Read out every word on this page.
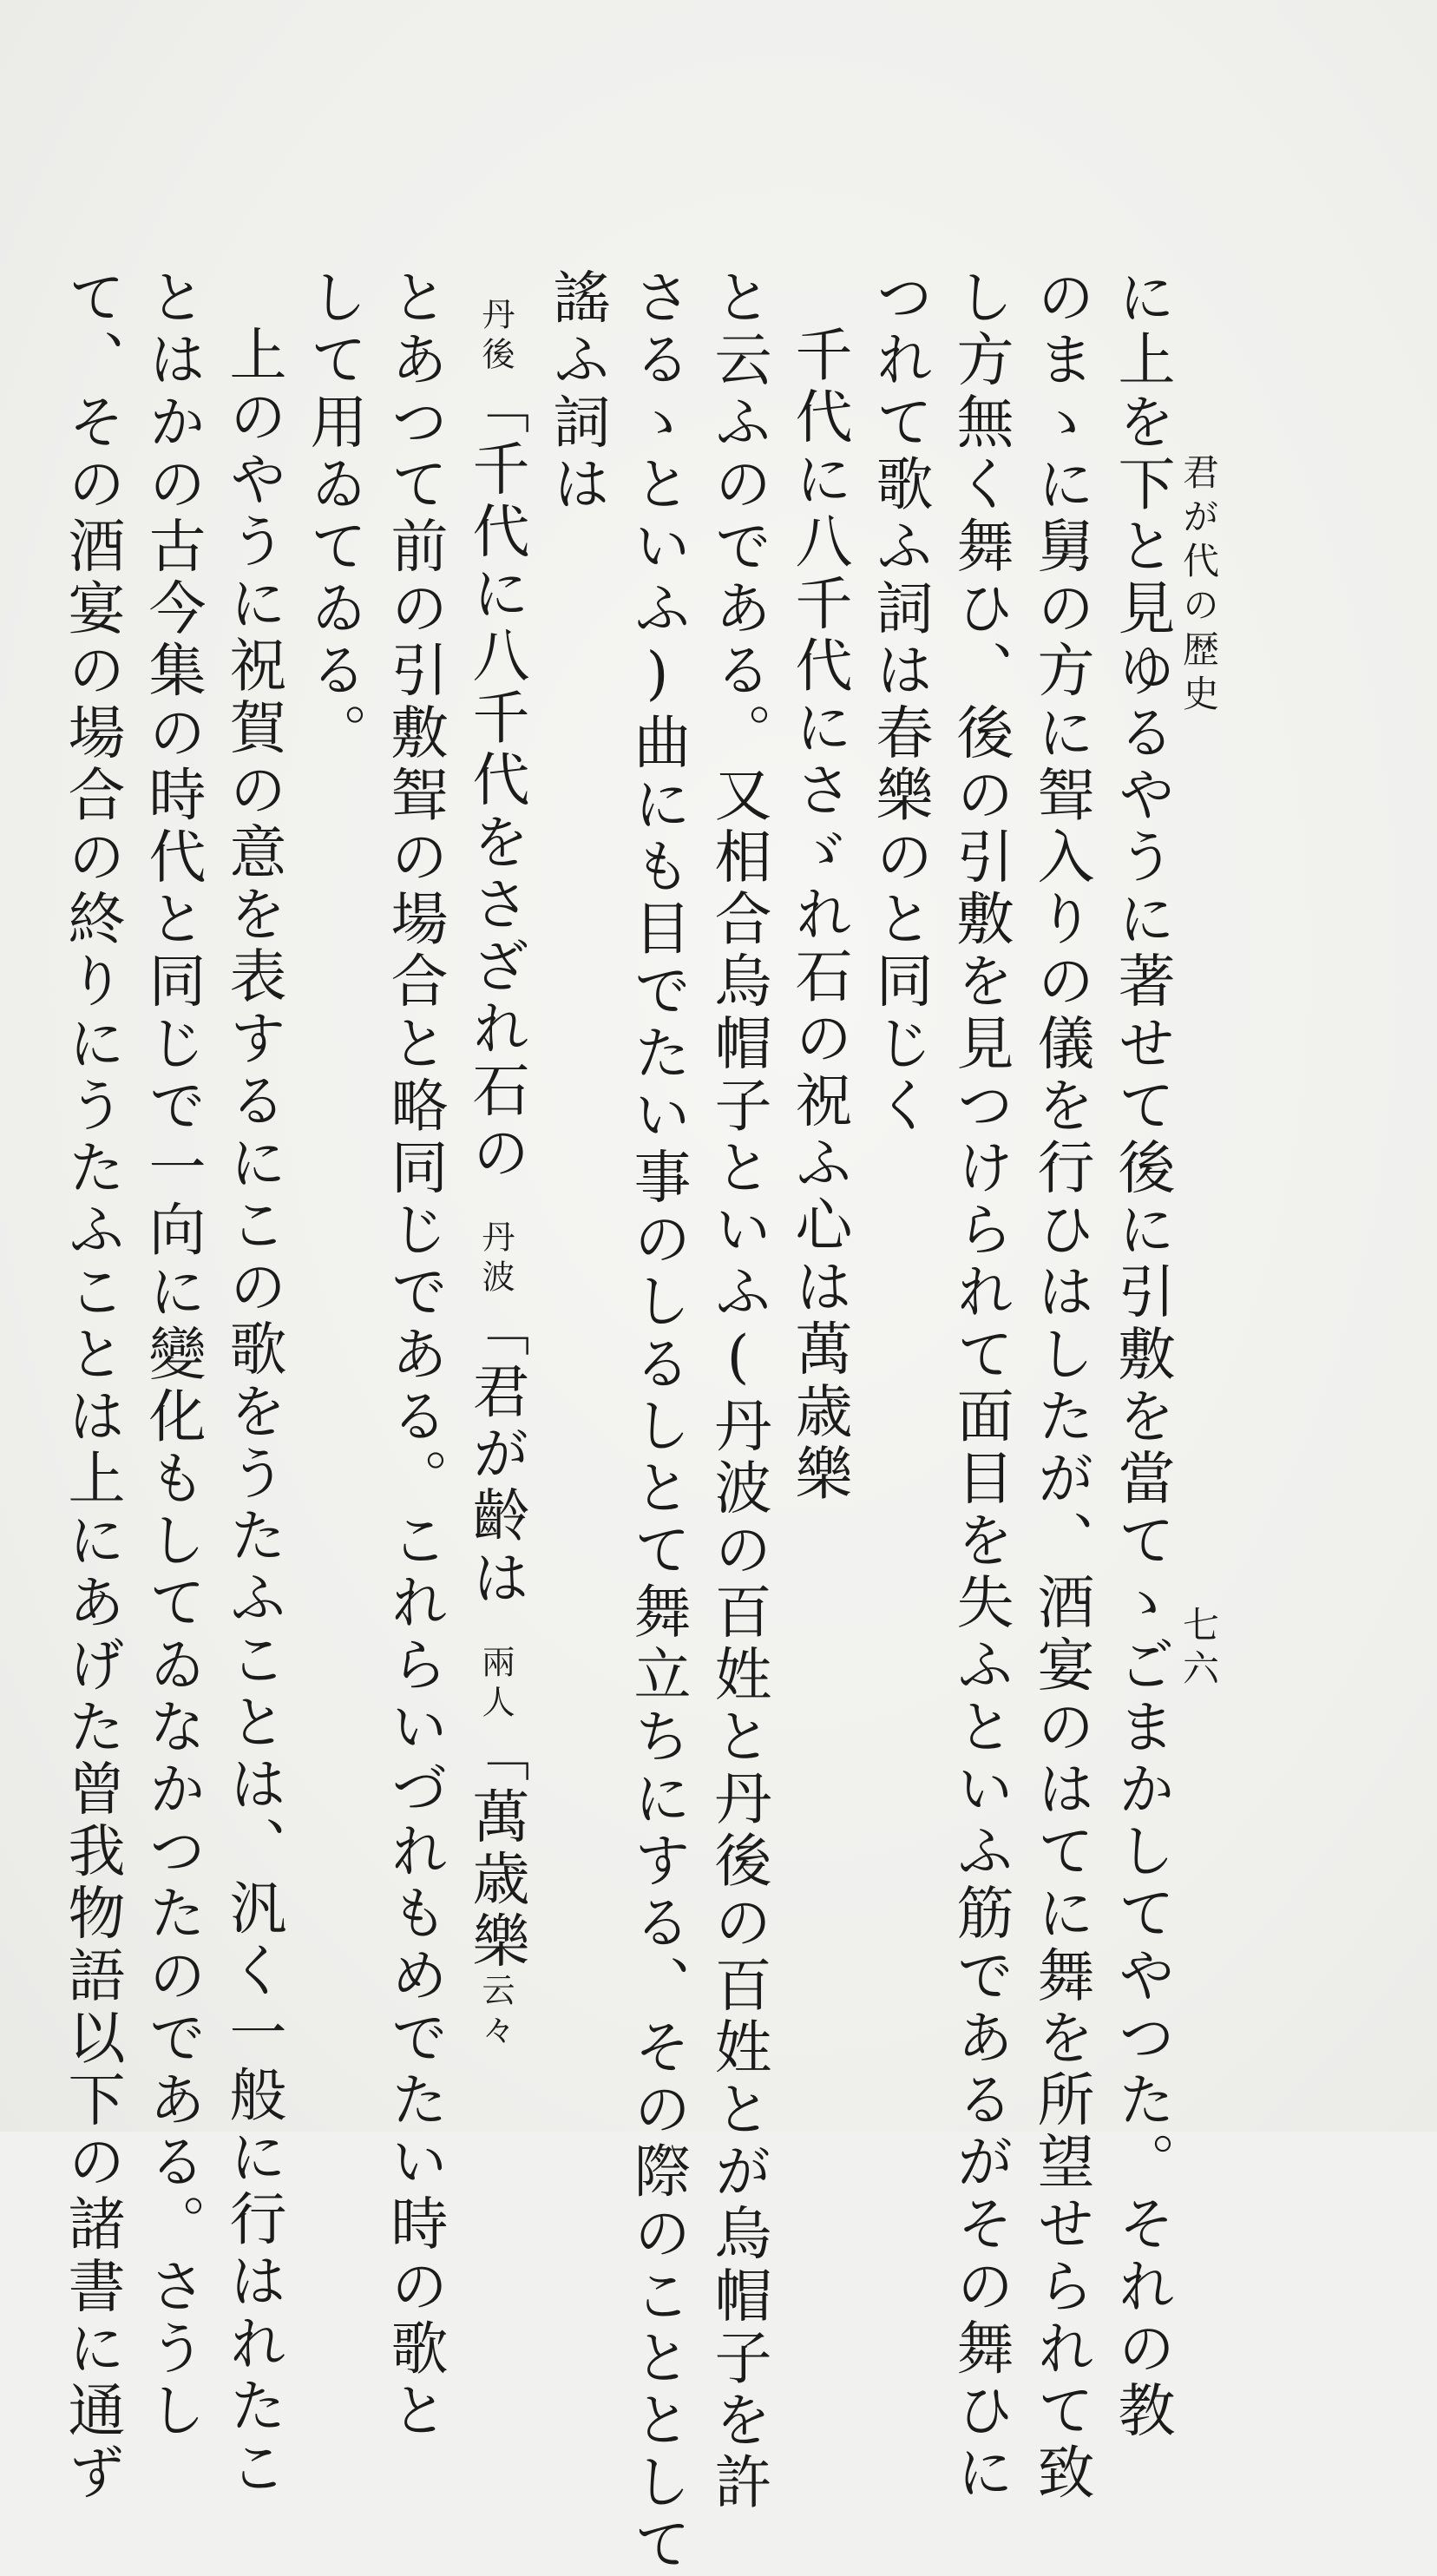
君が代の歴史
七六
に上を下と見ゆるやうに著せて後に引敷を當てゝごまかしてやつた。それの教
のまゝに舅の方に聟入りの儀を行ひはしたが、酒宴のはてに舞を所望せられて致
し方無く舞ひ、後の引敷を見つけられて面目を失ふといふ筋であるがその舞ひに
つれて歌ふ詞は春樂のと同じく
千代に八千代にさゞれ石の祝ふ心は萬歳樂
と云ふのである。又相合烏帽子といふ(丹波の百姓と丹後の百姓とが烏帽子を許
さるゝといふ)曲にも目でたい事のしるしとて舞立ちにする、その際のこととして
謠ふ詞は
丹後「千代に八千代をさざれ石の丹波「君が齡は兩人「萬歳樂云々
とあつて前の引敷聟の場合と略同じである。これらいづれもめでたい時の歌と
して用ゐてゐる。
上のやうに祝賀の意を表するにこの歌をうたふことは、汎く一般に行はれたこ
とはかの古今集の時代と同じで一向に變化もしてゐなかつたのである。さうし
て、その酒宴の場合の終りにうたふことは上にあげた曾我物語以下の諸書に通ず
